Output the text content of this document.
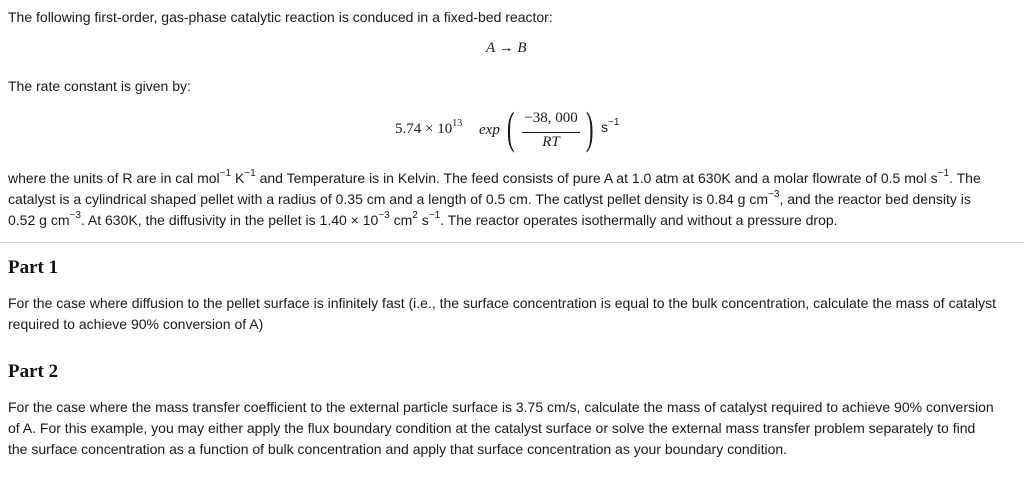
The following first-order, gas-phase catalytic reaction is conduced in a fixed-bed reactor:

A → B

The rate constant is given by:

$5.74 \times 10^{13}$ exp ( −38, 000
RT ) $s^{-1}$

where the units of R are in cal mol$^{-1}$ $K^{-1}$ and Temperature is in Kelvin. The feed consists of pure A at 1.0 atm at 630K and a molar flowrate of 0.5 mol $s^{-1}$. The

catalyst is a cylindrical shaped pellet with a radius of 0.35 cm and a length of 0.5 cm. The catlyst pellet density is 0.84 g $cm^{-3}$, and the reactor bed density is

0.52 g $cm^{-3}$. At 630K, the diffusivity in the pellet is $1.40 \times 10^{-3}$ $cm^2$ $s^{-1}$. The reactor operates isothermally and without a pressure drop.

Part 1

For the case where diffusion to the pellet surface is infinitely fast (i.e., the surface concentration is equal to the bulk concentration, calculate the mass of catalyst

required to achieve 90% conversion of A)

Part 2

For the case where the mass transfer coefficient to the external particle surface is 3.75 cm/s, calculate the mass of catalyst required to achieve 90% conversion

of A. For this example, you may either apply the flux boundary condition at the catalyst surface or solve the external mass transfer problem separately to find

the surface concentration as a function of bulk concentration and apply that surface concentration as your boundary condition.
